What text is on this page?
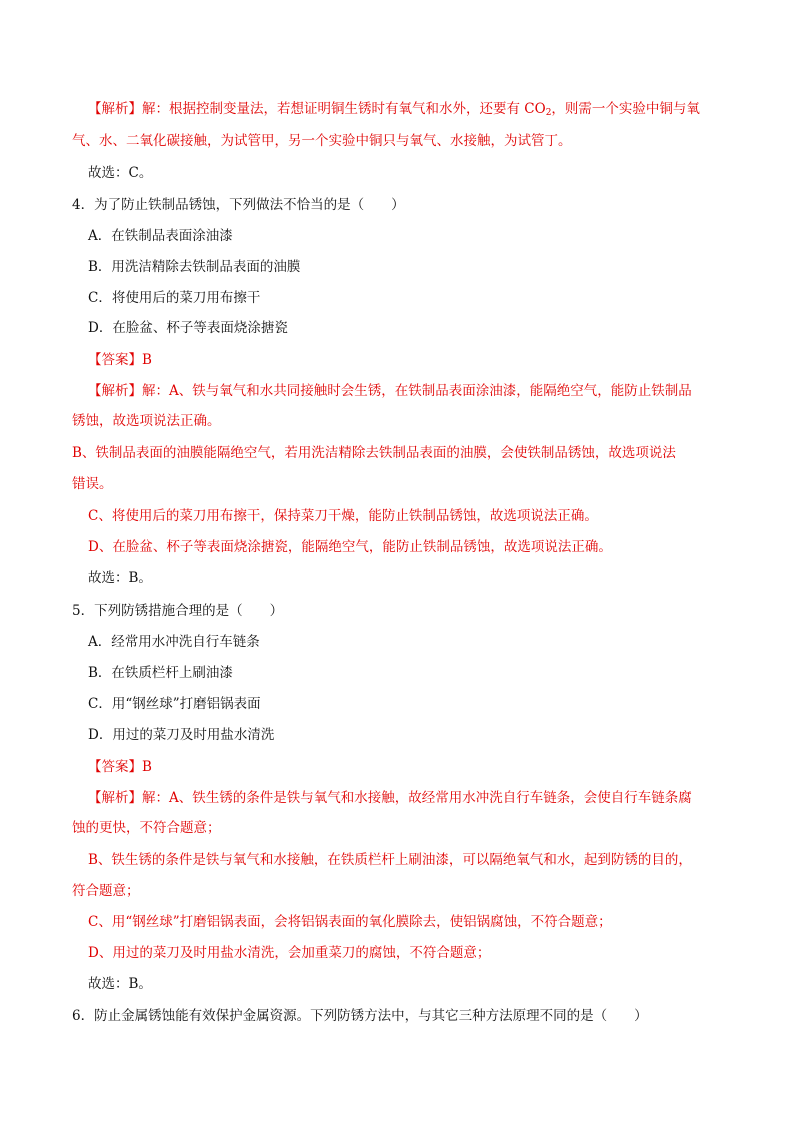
【解析】解：根据控制变量法，若想证明铜生锈时有氧气和水外，还要有 $CO_2$，则需一个实验中铜与氧
气、水、二氧化碳接触，为试管甲，另一个实验中铜只与氧气、水接触，为试管丁。
故选：C。
4．为了防止铁制品锈蚀，下列做法不恰当的是（　　）
A．在铁制品表面涂油漆
B．用洗洁精除去铁制品表面的油膜
C．将使用后的菜刀用布擦干
D．在脸盆、杯子等表面烧涂搪瓷
【答案】B
【解析】解：A、铁与氧气和水共同接触时会生锈，在铁制品表面涂油漆，能隔绝空气，能防止铁制品
锈蚀，故选项说法正确。
B、铁制品表面的油膜能隔绝空气，若用洗洁精除去铁制品表面的油膜，会使铁制品锈蚀，故选项说法
错误。
C、将使用后的菜刀用布擦干，保持菜刀干燥，能防止铁制品锈蚀，故选项说法正确。
D、在脸盆、杯子等表面烧涂搪瓷，能隔绝空气，能防止铁制品锈蚀，故选项说法正确。
故选：B。
5．下列防锈措施合理的是（　　）
A．经常用水冲洗自行车链条
B．在铁质栏杆上刷油漆
C．用“钢丝球”打磨铝锅表面
D．用过的菜刀及时用盐水清洗
【答案】B
【解析】解：A、铁生锈的条件是铁与氧气和水接触，故经常用水冲洗自行车链条，会使自行车链条腐
蚀的更快，不符合题意；
B、铁生锈的条件是铁与氧气和水接触，在铁质栏杆上刷油漆，可以隔绝氧气和水，起到防锈的目的，
符合题意；
C、用“钢丝球”打磨铝锅表面，会将铝锅表面的氧化膜除去，使铝锅腐蚀，不符合题意；
D、用过的菜刀及时用盐水清洗，会加重菜刀的腐蚀，不符合题意；
故选：B。
6．防止金属锈蚀能有效保护金属资源。下列防锈方法中，与其它三种方法原理不同的是（　　）
